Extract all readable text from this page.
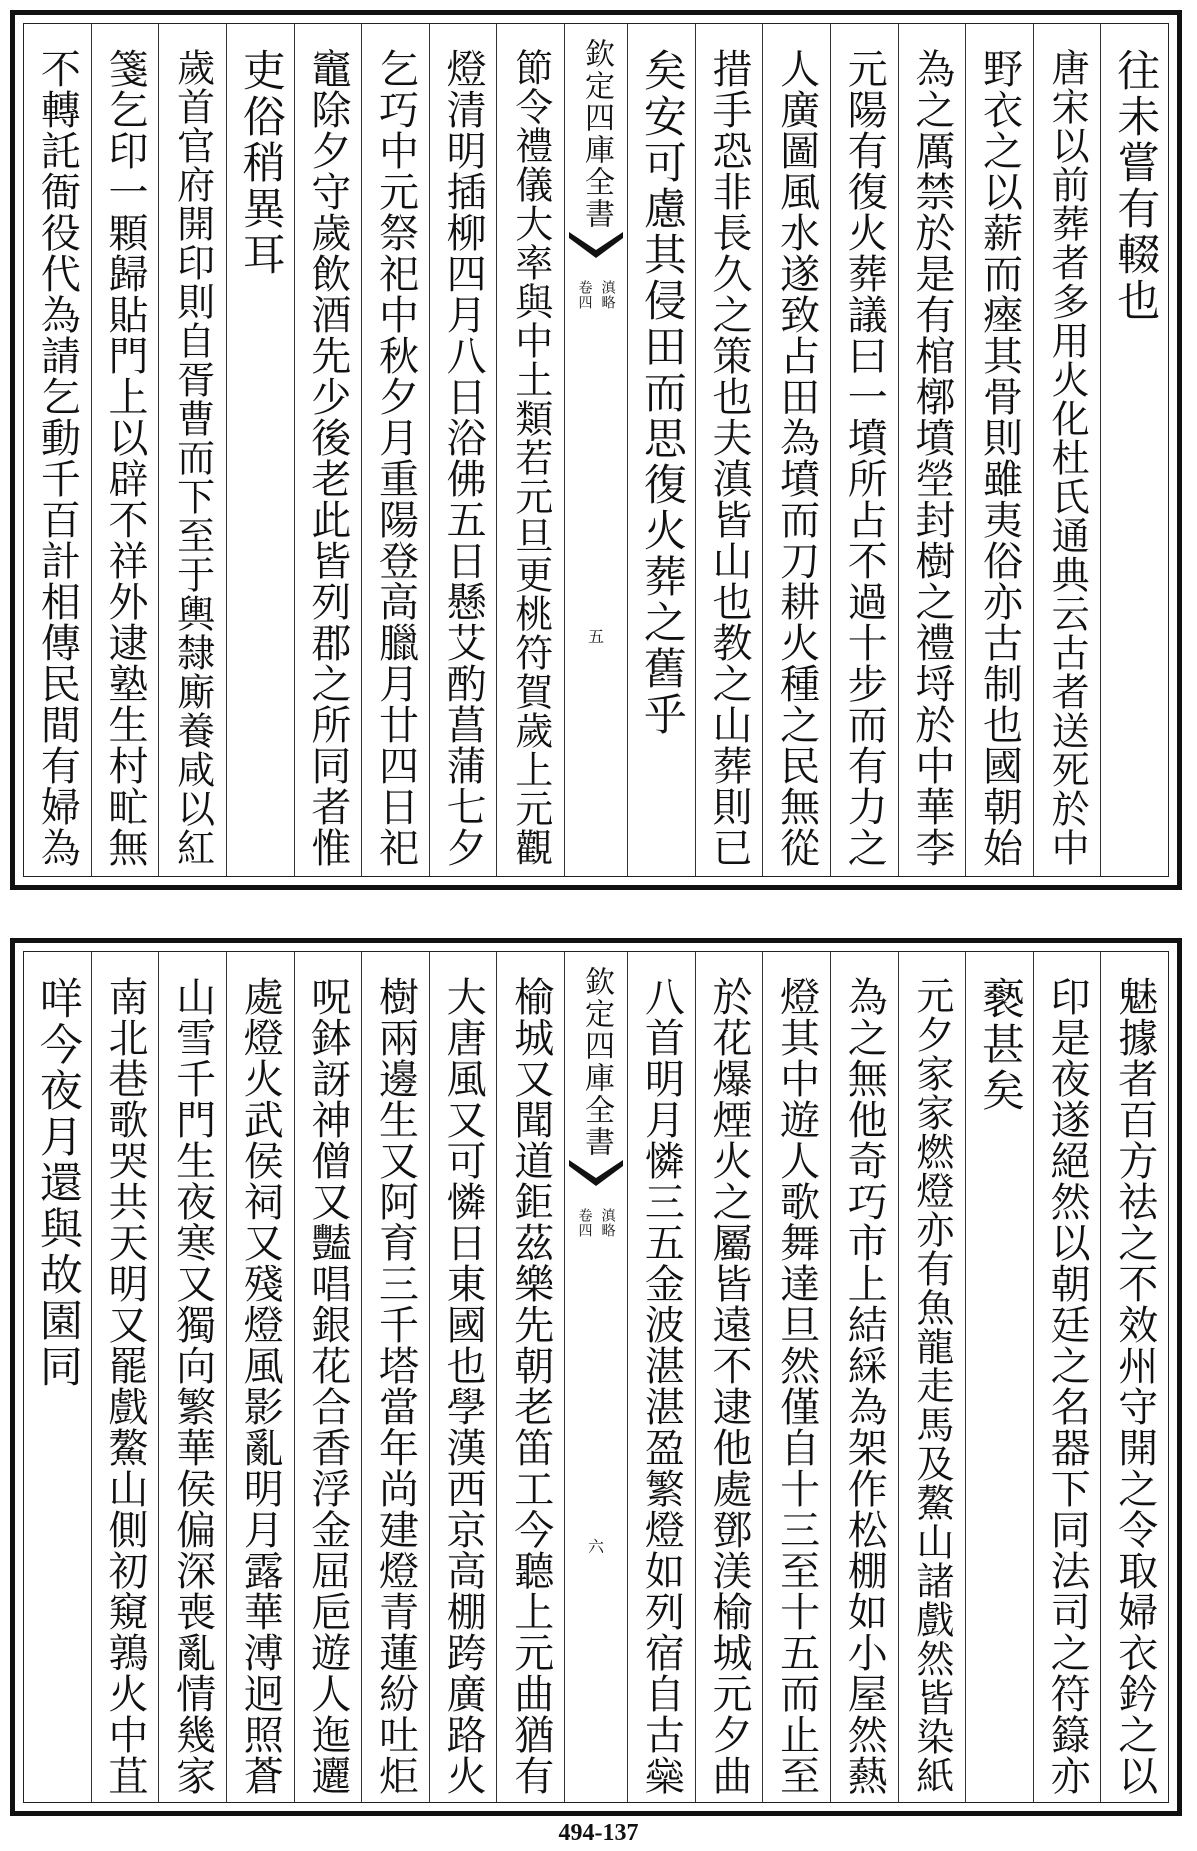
往未嘗有輟也
唐宋以前葬者多用火化杜氏通典云古者送死於中
野衣之以薪而瘞其骨則雖夷俗亦古制也國朝始
為之厲禁於是有棺槨墳塋封樹之禮埒於中華李
元陽有復火葬議曰一墳所占不過十步而有力之
人廣圖風水遂致占田為墳而刀耕火種之民無從
措手恐非長久之策也夫滇皆山也教之山葬則已
矣安可慮其侵田而思復火葬之舊乎
欽定四庫全書
滇略
卷四
五
節令禮儀大率與中土類若元旦更桃符賀歲上元觀
燈清明插柳四月八日浴佛五日懸艾酌菖蒲七夕
乞巧中元祭祀中秋夕月重陽登高臘月廿四日祀
竈除夕守歲飲酒先少後老此皆列郡之所同者惟
吏俗稍異耳
歲首官府開印則自胥曹而下至于輿隸廝養咸以紅
箋乞印一顆歸貼門上以辟不祥外逮塾生村甿無
不轉託衙役代為請乞動千百計相傳民間有婦為
魅據者百方祛之不效州守開之令取婦衣鈐之以
印是夜遂絕然以朝廷之名器下同法司之符籙亦
褻甚矣
元夕家家燃燈亦有魚龍走馬及鰲山諸戲然皆染紙
為之無他奇巧市上結綵為架作松棚如小屋然爇
燈其中遊人歌舞達旦然僅自十三至十五而止至
於花爆煙火之屬皆遠不逮他處鄧渼榆城元夕曲
八首明月憐三五金波湛湛盈繁燈如列宿自古橤
欽定四庫全書
滇略
卷四
六
榆城又聞道鉅茲樂先朝老笛工今聽上元曲猶有
大唐風又可憐日東國也學漢西京高棚跨廣路火
樹兩邊生又阿育三千塔當年尚建燈青蓮紛吐炬
呪鉢訝神僧又豔唱銀花合香浮金屈巵遊人迤邐
處燈火武侯祠又殘燈風影亂明月露華溥迥照蒼
山雪千門生夜寒又獨向繁華侯偏深喪亂情幾家
南北巷歌哭共天明又罷戲鰲山側初窺鶉火中苴
咩今夜月還與故園同
494-137
